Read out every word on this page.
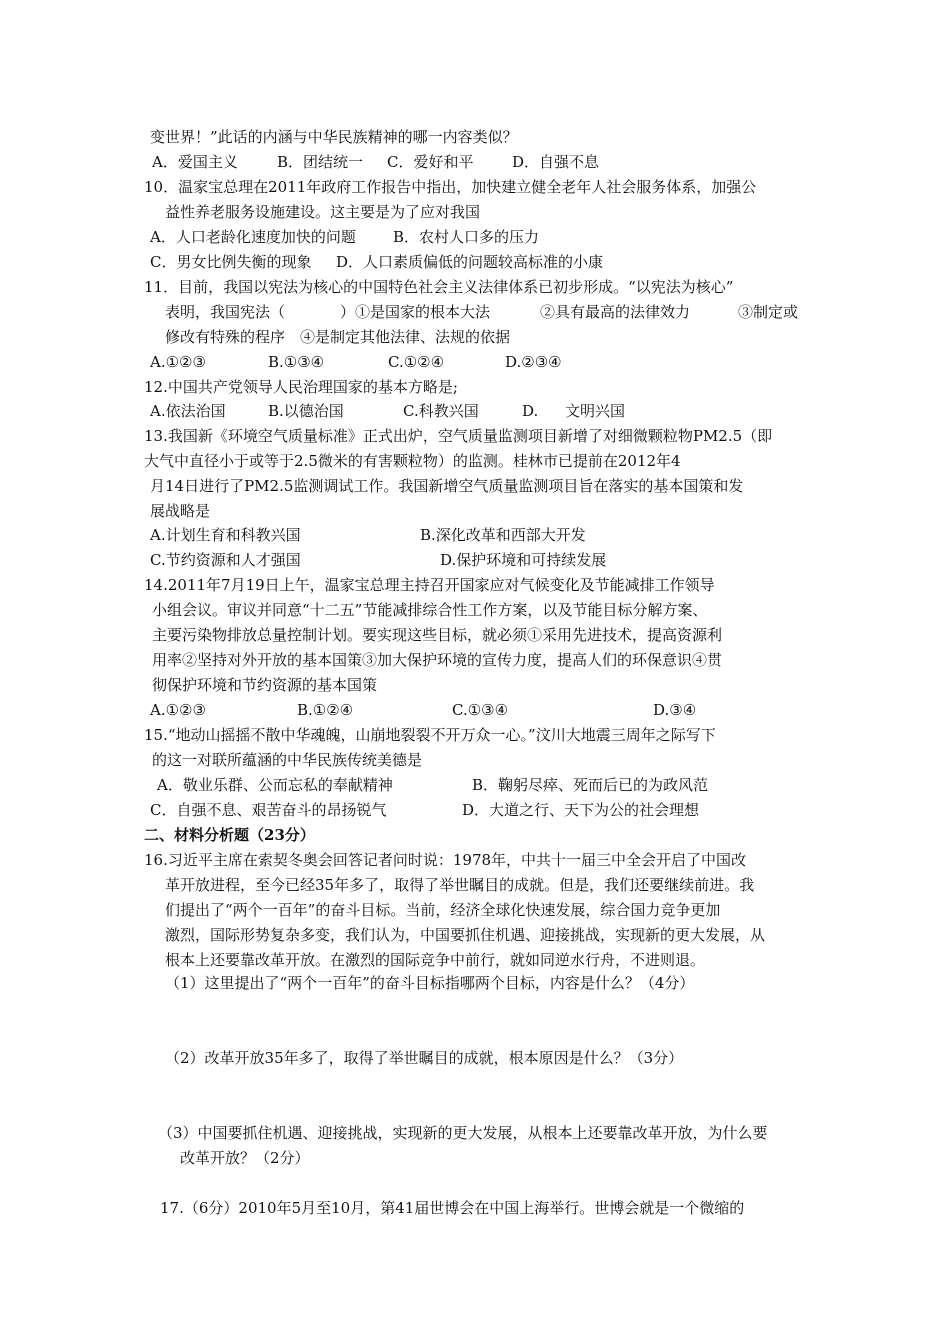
变世界！”此话的内涵与中华民族精神的哪一内容类似？
A．爱国主义	B．团结统一 C．爱好和平	D．自强不息
10．温家宝总理在2011年政府工作报告中指出，加快建立健全老年人社会服务体系，加强公
益性养老服务设施建设。这主要是为了应对我国
A．人口老龄化速度加快的问题 B．农村人口多的压力
C．男女比例失衡的现象 D．人口素质偏低的问题较高标准的小康
11．目前，我国以宪法为核心的中国特色社会主义法律体系已初步形成。“以宪法为核心”
表明，我国宪法（	）①是国家的根本大法	②具有最高的法律效力	③制定或
修改有特殊的程序　④是制定其他法律、法规的依据
A.①②③	B.①③④	C.①②④	D.②③④
12.中国共产党领导人民治理国家的基本方略是;
A.依法治国	B.以德治国	C.科教兴国	D. 文明兴国
13.我国新《环境空气质量标准》正式出炉，空气质量监测项目新增了对细微颗粒物PM2.5（即
大气中直径小于或等于2.5微米的有害颗粒物）的监测。桂林市已提前在2012年4
月14日进行了PM2.5监测调试工作。我国新增空气质量监测项目旨在落实的基本国策和发
展战略是
A.计划生育和科教兴国	B.深化改革和西部大开发
C.节约资源和人才强国	D.保护环境和可持续发展
14.2011年7月19日上午，温家宝总理主持召开国家应对气候变化及节能减排工作领导
小组会议。审议并同意“十二五”节能减排综合性工作方案，以及节能目标分解方案、
主要污染物排放总量控制计划。要实现这些目标，就必须①采用先进技术，提高资源利
用率②坚持对外开放的基本国策③加大保护环境的宣传力度，提高人们的环保意识④贯
彻保护环境和节约资源的基本国策
A.①②③	B.①②④	C.①③④	D.③④
15.“地动山摇摇不散中华魂魄，山崩地裂裂不开万众一心。”汶川大地震三周年之际写下
的这一对联所蕴涵的中华民族传统美德是
A．敬业乐群、公而忘私的奉献精神	B．鞠躬尽瘁、死而后已的为政风范
C．自强不息、艰苦奋斗的昂扬锐气	D．大道之行、天下为公的社会理想
二、材料分析题（23分）
16.习近平主席在索契冬奥会回答记者问时说：1978年，中共十一届三中全会开启了中国改
革开放进程，至今已经35年多了，取得了举世瞩目的成就。但是，我们还要继续前进。我
们提出了“两个一百年”的奋斗目标。当前，经济全球化快速发展，综合国力竞争更加
激烈，国际形势复杂多变，我们认为，中国要抓住机遇、迎接挑战，实现新的更大发展，从
根本上还要靠改革开放。在激烈的国际竞争中前行，就如同逆水行舟，不进则退。
（1）这里提出了“两个一百年”的奋斗目标指哪两个目标，内容是什么？（4分）
（2）改革开放35年多了，取得了举世瞩目的成就，根本原因是什么？（3分）
（3）中国要抓住机遇、迎接挑战，实现新的更大发展，从根本上还要靠改革开放，为什么要
改革开放？（2分）
17.（6分）2010年5月至10月，第41届世博会在中国上海举行。世博会就是一个微缩的
